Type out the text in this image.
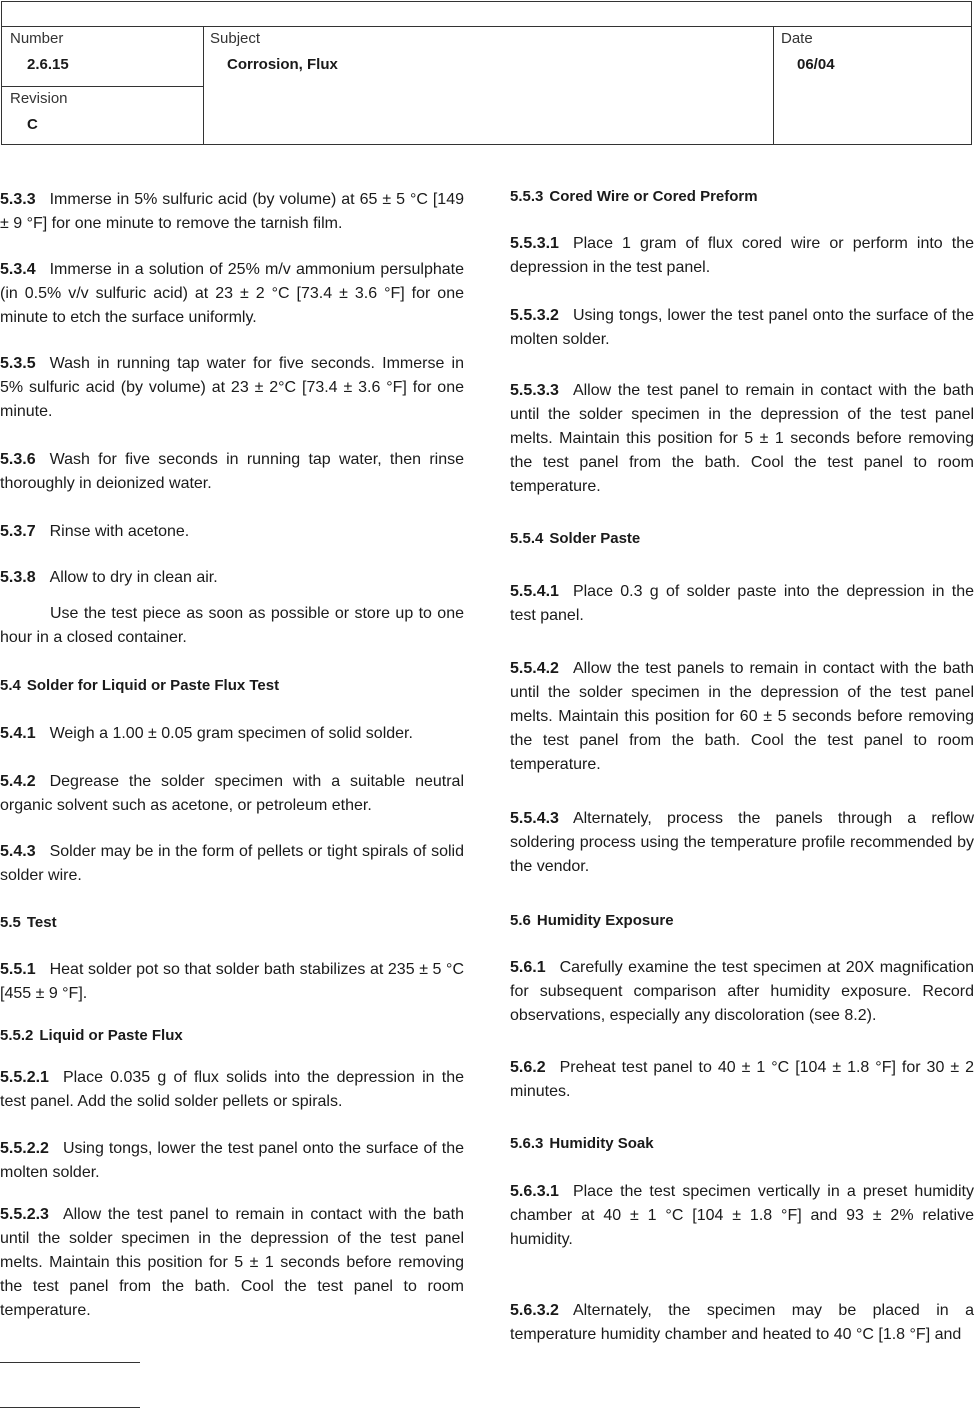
Number
2.6.15
Revision
C
Subject
Corrosion, Flux
Date
06/04

5.3.3 Immerse in 5% sulfuric acid (by volume) at 65 ± 5 °C [149 ± 9 °F] for one minute to remove the tarnish film.

5.3.4 Immerse in a solution of 25% m/v ammonium persulphate (in 0.5% v/v sulfuric acid) at 23 ± 2 °C [73.4 ± 3.6 °F] for one minute to etch the surface uniformly.

5.3.5 Wash in running tap water for five seconds. Immerse in 5% sulfuric acid (by volume) at 23 ± 2°C [73.4 ± 3.6 °F] for one minute.

5.3.6 Wash for five seconds in running tap water, then rinse thoroughly in deionized water.

5.3.7 Rinse with acetone.

5.3.8 Allow to dry in clean air.

Use the test piece as soon as possible or store up to one hour in a closed container.

5.4 Solder for Liquid or Paste Flux Test

5.4.1 Weigh a 1.00 ± 0.05 gram specimen of solid solder.

5.4.2 Degrease the solder specimen with a suitable neutral organic solvent such as acetone, or petroleum ether.

5.4.3 Solder may be in the form of pellets or tight spirals of solid solder wire.

5.5 Test

5.5.1 Heat solder pot so that solder bath stabilizes at 235 ± 5 °C [455 ± 9 °F].

5.5.2 Liquid or Paste Flux

5.5.2.1 Place 0.035 g of flux solids into the depression in the test panel. Add the solid solder pellets or spirals.

5.5.2.2 Using tongs, lower the test panel onto the surface of the molten solder.

5.5.2.3 Allow the test panel to remain in contact with the bath until the solder specimen in the depression of the test panel melts. Maintain this position for 5 ± 1 seconds before removing the test panel from the bath. Cool the test panel to room temperature.

5.5.3 Cored Wire or Cored Preform

5.5.3.1 Place 1 gram of flux cored wire or perform into the depression in the test panel.

5.5.3.2 Using tongs, lower the test panel onto the surface of the molten solder.

5.5.3.3 Allow the test panel to remain in contact with the bath until the solder specimen in the depression of the test panel melts. Maintain this position for 5 ± 1 seconds before removing the test panel from the bath. Cool the test panel to room temperature.

5.5.4 Solder Paste

5.5.4.1 Place 0.3 g of solder paste into the depression in the test panel.

5.5.4.2 Allow the test panels to remain in contact with the bath until the solder specimen in the depression of the test panel melts. Maintain this position for 60 ± 5 seconds before removing the test panel from the bath. Cool the test panel to room temperature.

5.5.4.3 Alternately, process the panels through a reflow soldering process using the temperature profile recommended by the vendor.

5.6 Humidity Exposure

5.6.1 Carefully examine the test specimen at 20X magnification for subsequent comparison after humidity exposure. Record observations, especially any discoloration (see 8.2).

5.6.2 Preheat test panel to 40 ± 1 °C [104 ± 1.8 °F] for 30 ± 2 minutes.

5.6.3 Humidity Soak

5.6.3.1 Place the test specimen vertically in a preset humidity chamber at 40 ± 1 °C [104 ± 1.8 °F] and 93 ± 2% relative humidity.

5.6.3.2 Alternately, the specimen may be placed in a temperature humidity chamber and heated to 40 °C [1.8 °F] and
